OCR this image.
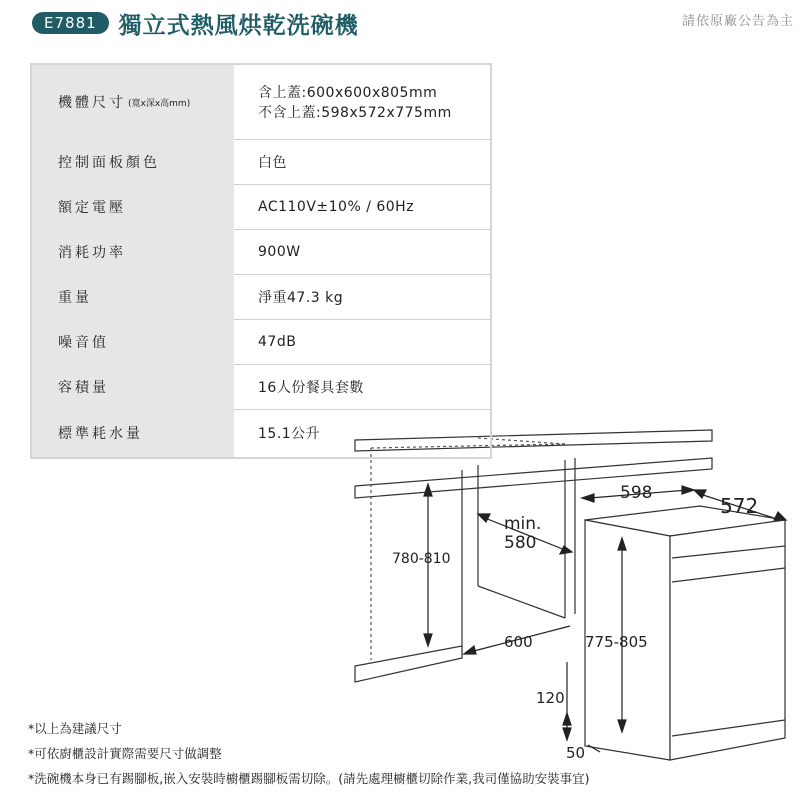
E7881 獨立式熱風烘乾洗碗機	請依原廠公告為主
598
572
min.
580
780-810
775-805
600
120
50
機體尺寸 (寬x深x高mm)
含上蓋:600x600x805mm
不含上蓋:598x572x775mm
控制面板顏色	白色
額定電壓	AC110V±10% / 60Hz
消耗功率	900W
重量	淨重47.3 kg
噪音值	47dB
容積量	16人份餐具套數
標準耗水量	15.1公升
*以上為建議尺寸
*可依廚櫃設計實際需要尺寸做調整
*洗碗機本身已有踢腳板,嵌入安裝時櫥櫃踢腳板需切除。(請先處理櫥櫃切除作業,我司僅協助安裝事宜)
